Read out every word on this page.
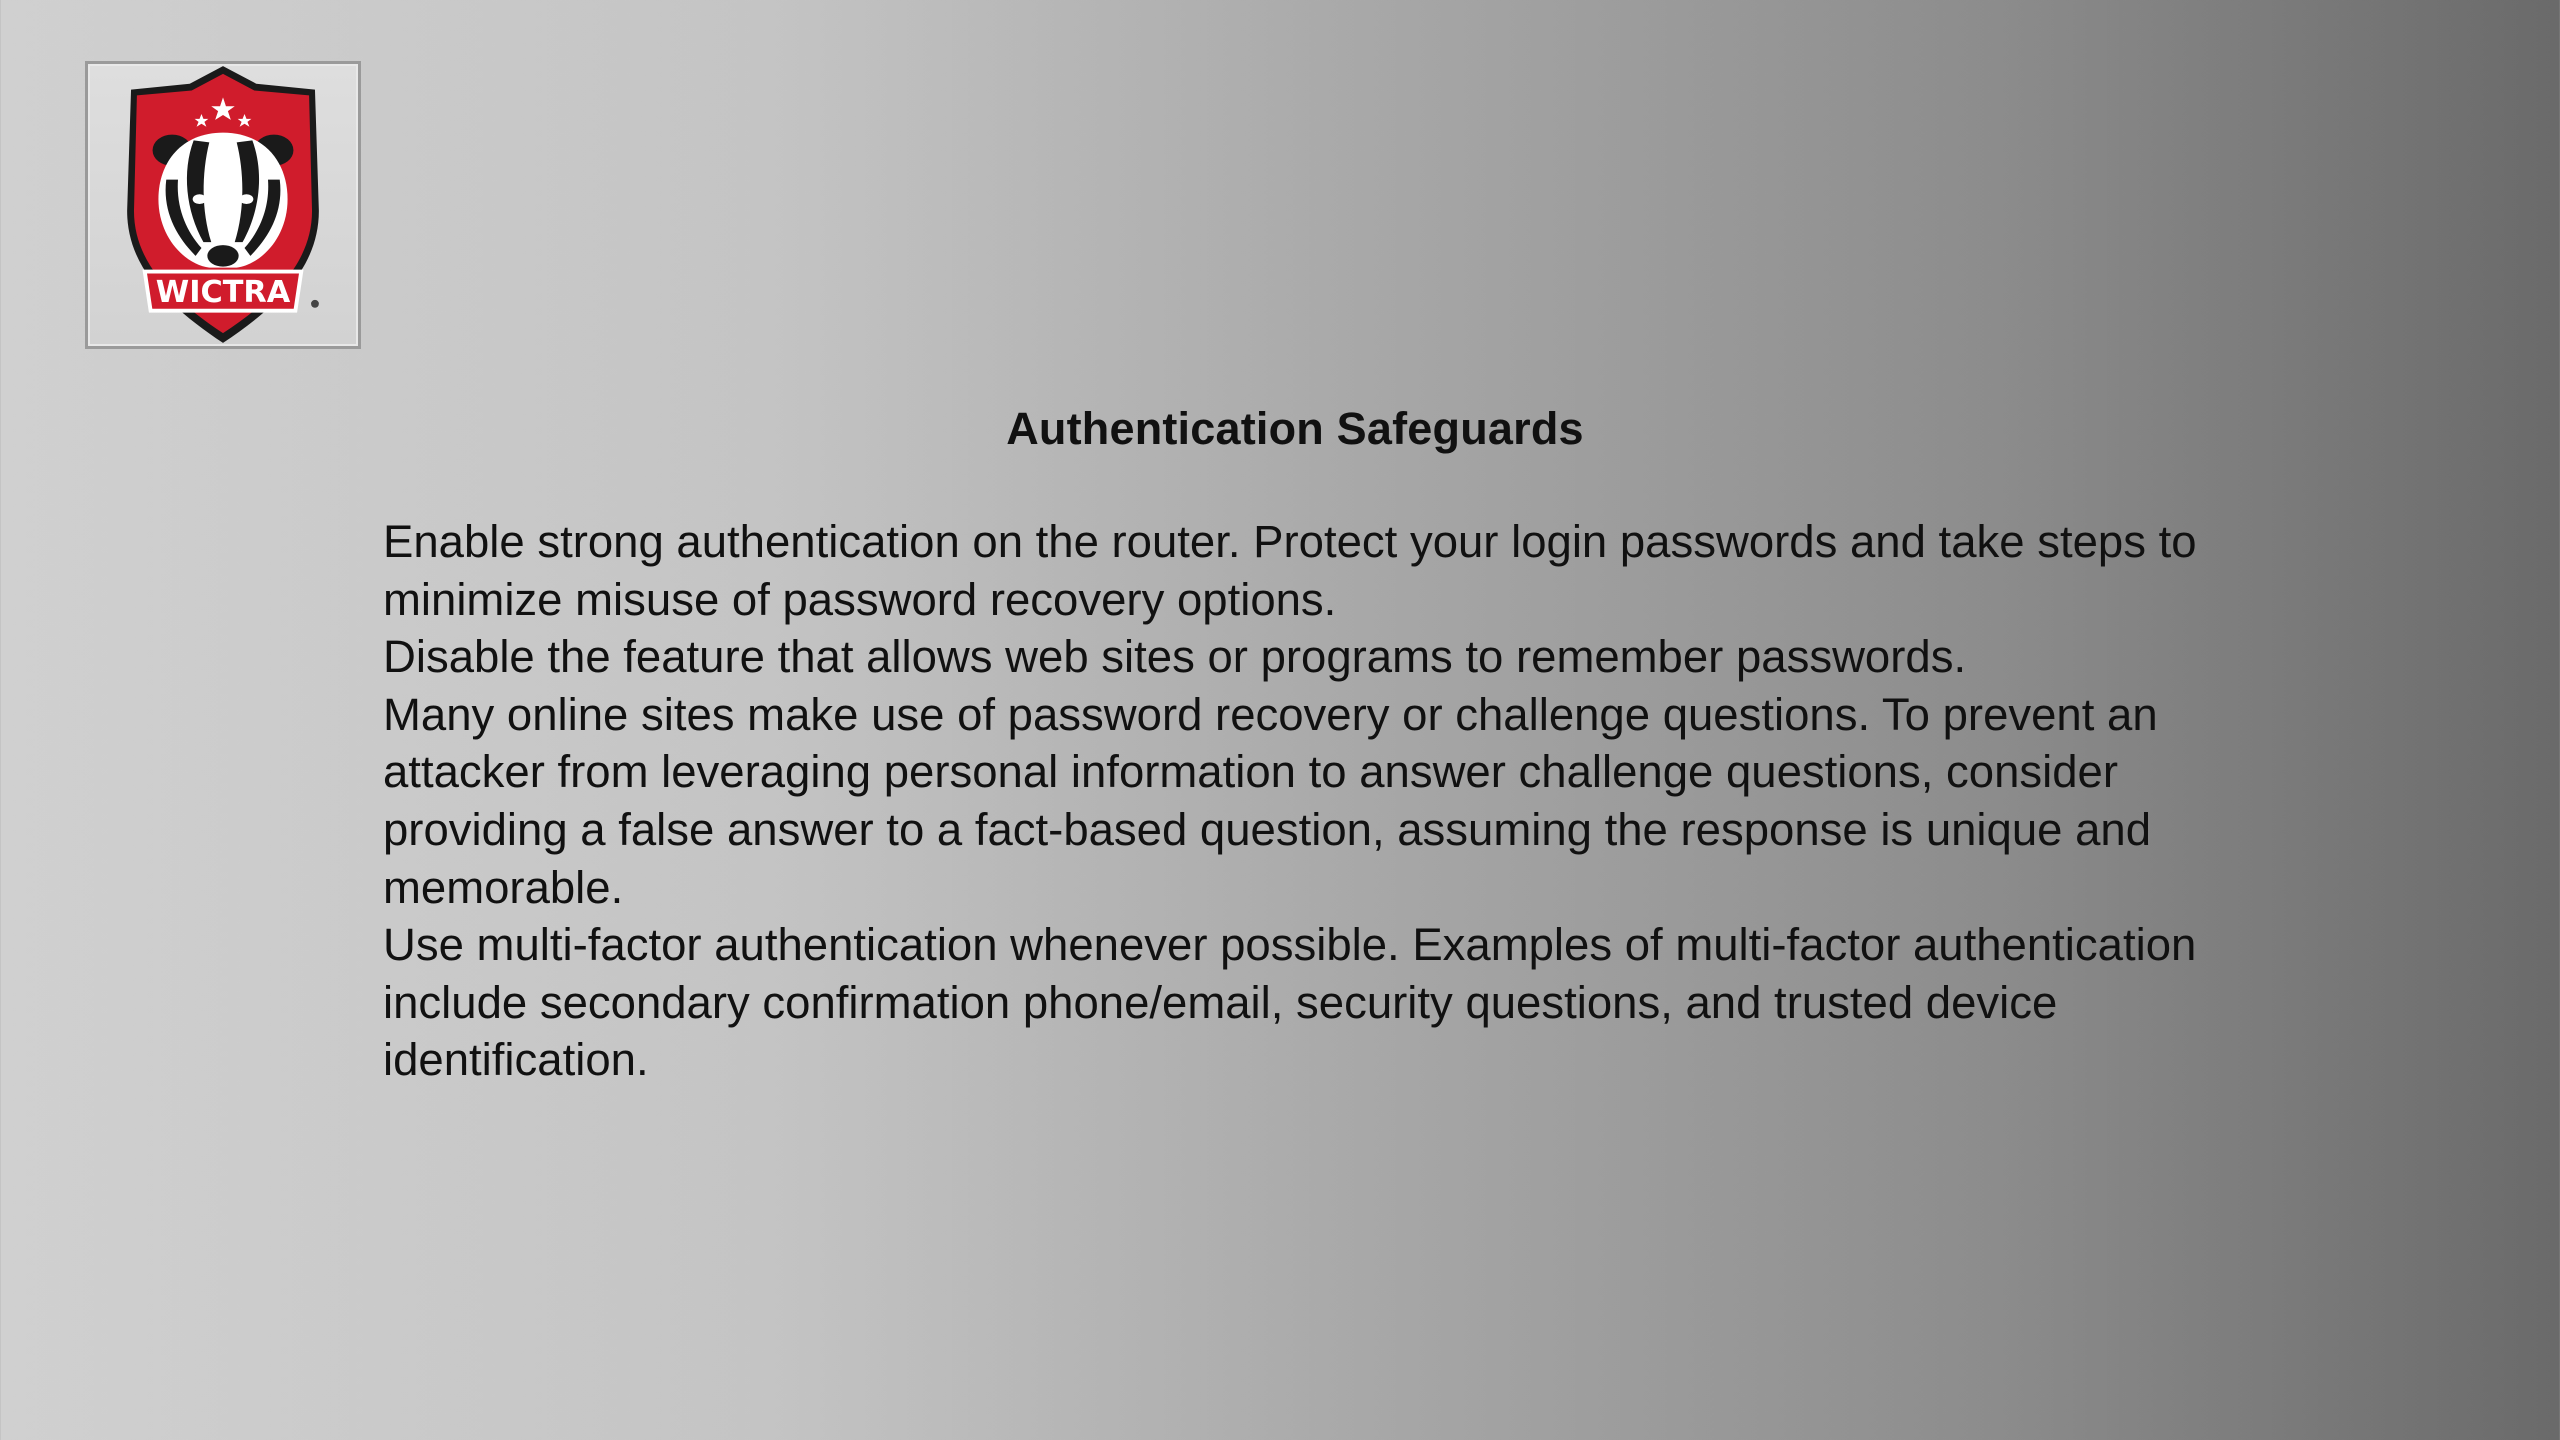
WICTRA
Authentication Safeguards

Enable strong authentication on the router. Protect your login passwords and take steps to minimize misuse of password recovery options.

Disable the feature that allows web sites or programs to remember passwords.

Many online sites make use of password recovery or challenge questions. To prevent an attacker from leveraging personal information to answer challenge questions, consider providing a false answer to a fact-based question, assuming the response is unique and memorable.

Use multi-factor authentication whenever possible. Examples of multi-factor authentication include secondary confirmation phone/email, security questions, and trusted device identification.
